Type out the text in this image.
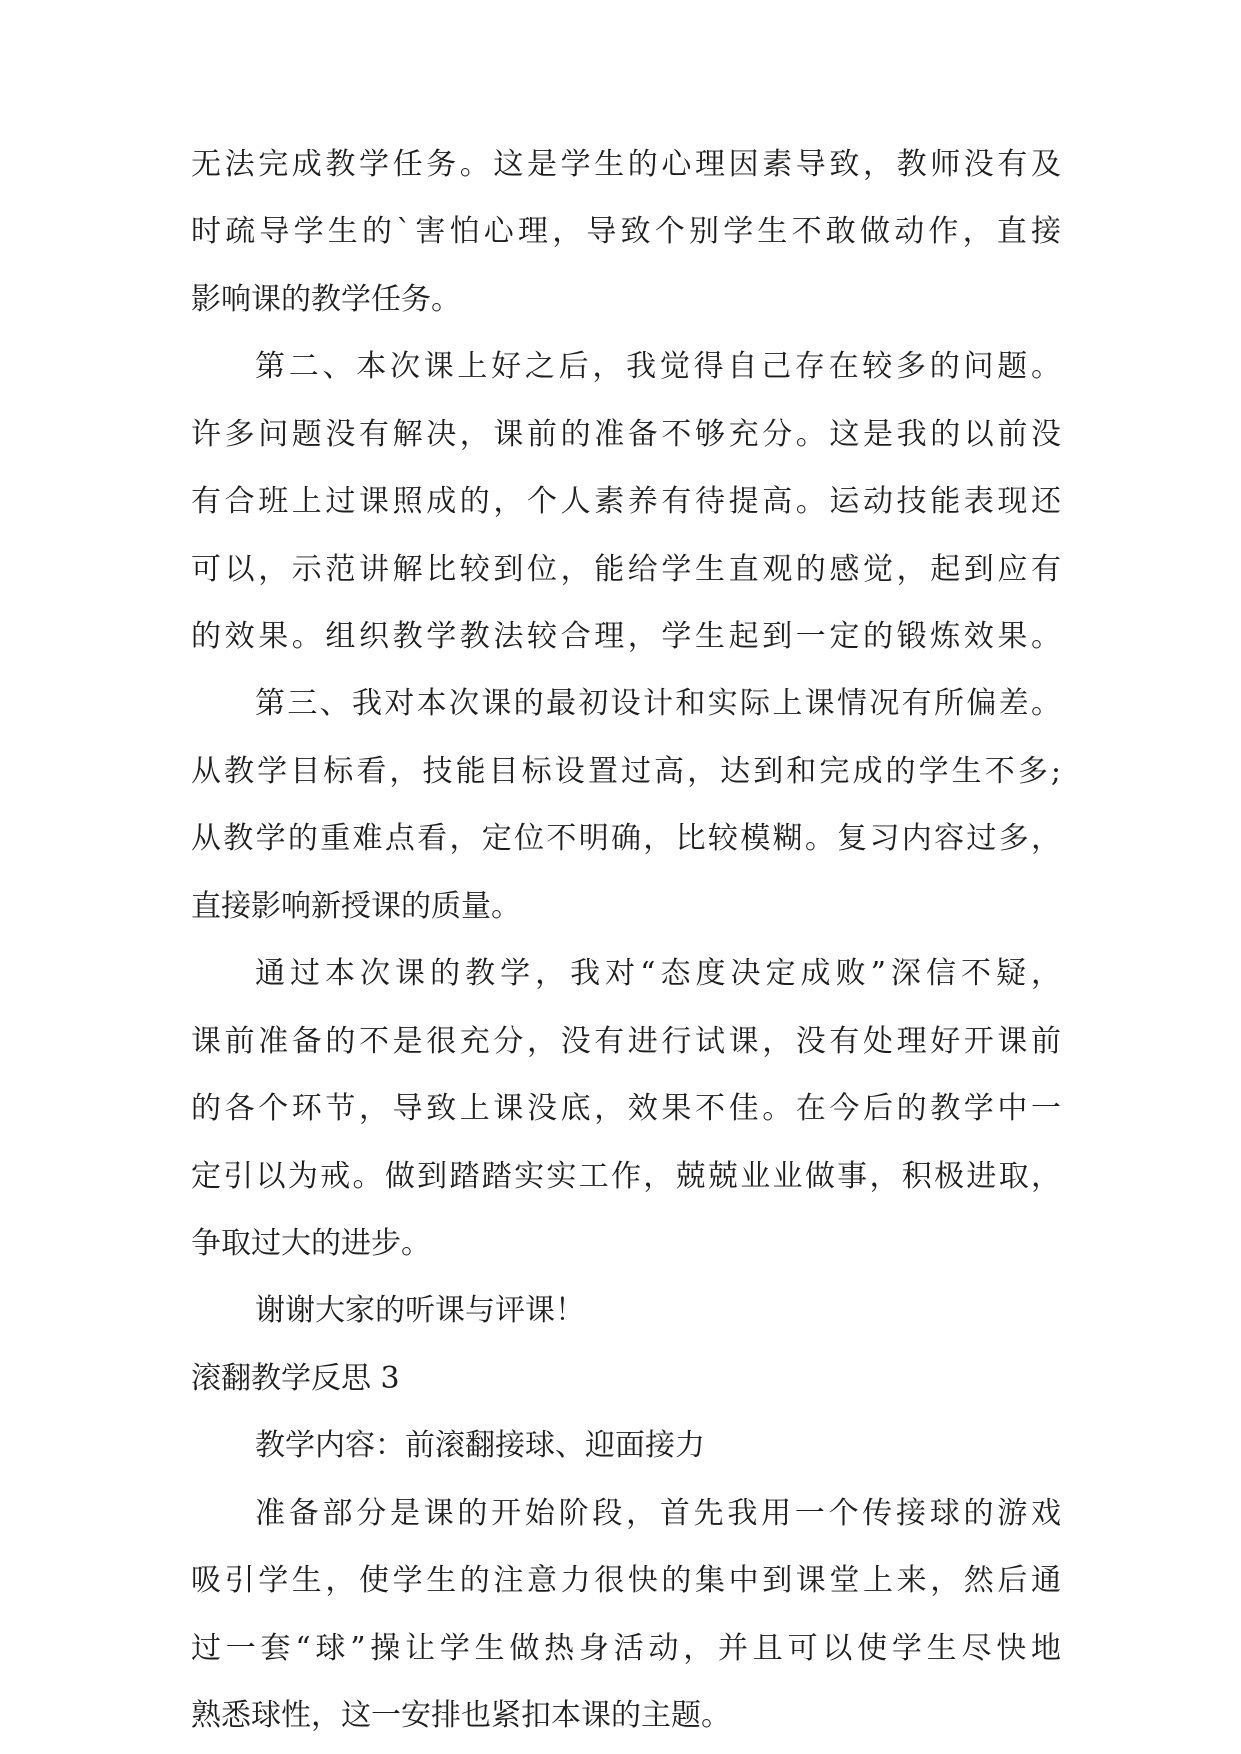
无法完成教学任务。这是学生的心理因素导致，教师没有及
时疏导学生的`害怕心理，导致个别学生不敢做动作，直接
影响课的教学任务。
第二、本次课上好之后，我觉得自己存在较多的问题。
许多问题没有解决，课前的准备不够充分。这是我的以前没
有合班上过课照成的，个人素养有待提高。运动技能表现还
可以，示范讲解比较到位，能给学生直观的感觉，起到应有
的效果。组织教学教法较合理，学生起到一定的锻炼效果。
第三、我对本次课的最初设计和实际上课情况有所偏差。
从教学目标看，技能目标设置过高，达到和完成的学生不多;
从教学的重难点看，定位不明确，比较模糊。复习内容过多，
直接影响新授课的质量。
通过本次课的教学，我对“态度决定成败”深信不疑，
课前准备的不是很充分，没有进行试课，没有处理好开课前
的各个环节，导致上课没底，效果不佳。在今后的教学中一
定引以为戒。做到踏踏实实工作，兢兢业业做事，积极进取，
争取过大的进步。
谢谢大家的听课与评课！
滚翻教学反思 3
教学内容：前滚翻接球、迎面接力
准备部分是课的开始阶段，首先我用一个传接球的游戏
吸引学生，使学生的注意力很快的集中到课堂上来，然后通
过一套“球”操让学生做热身活动，并且可以使学生尽快地
熟悉球性，这一安排也紧扣本课的主题。
